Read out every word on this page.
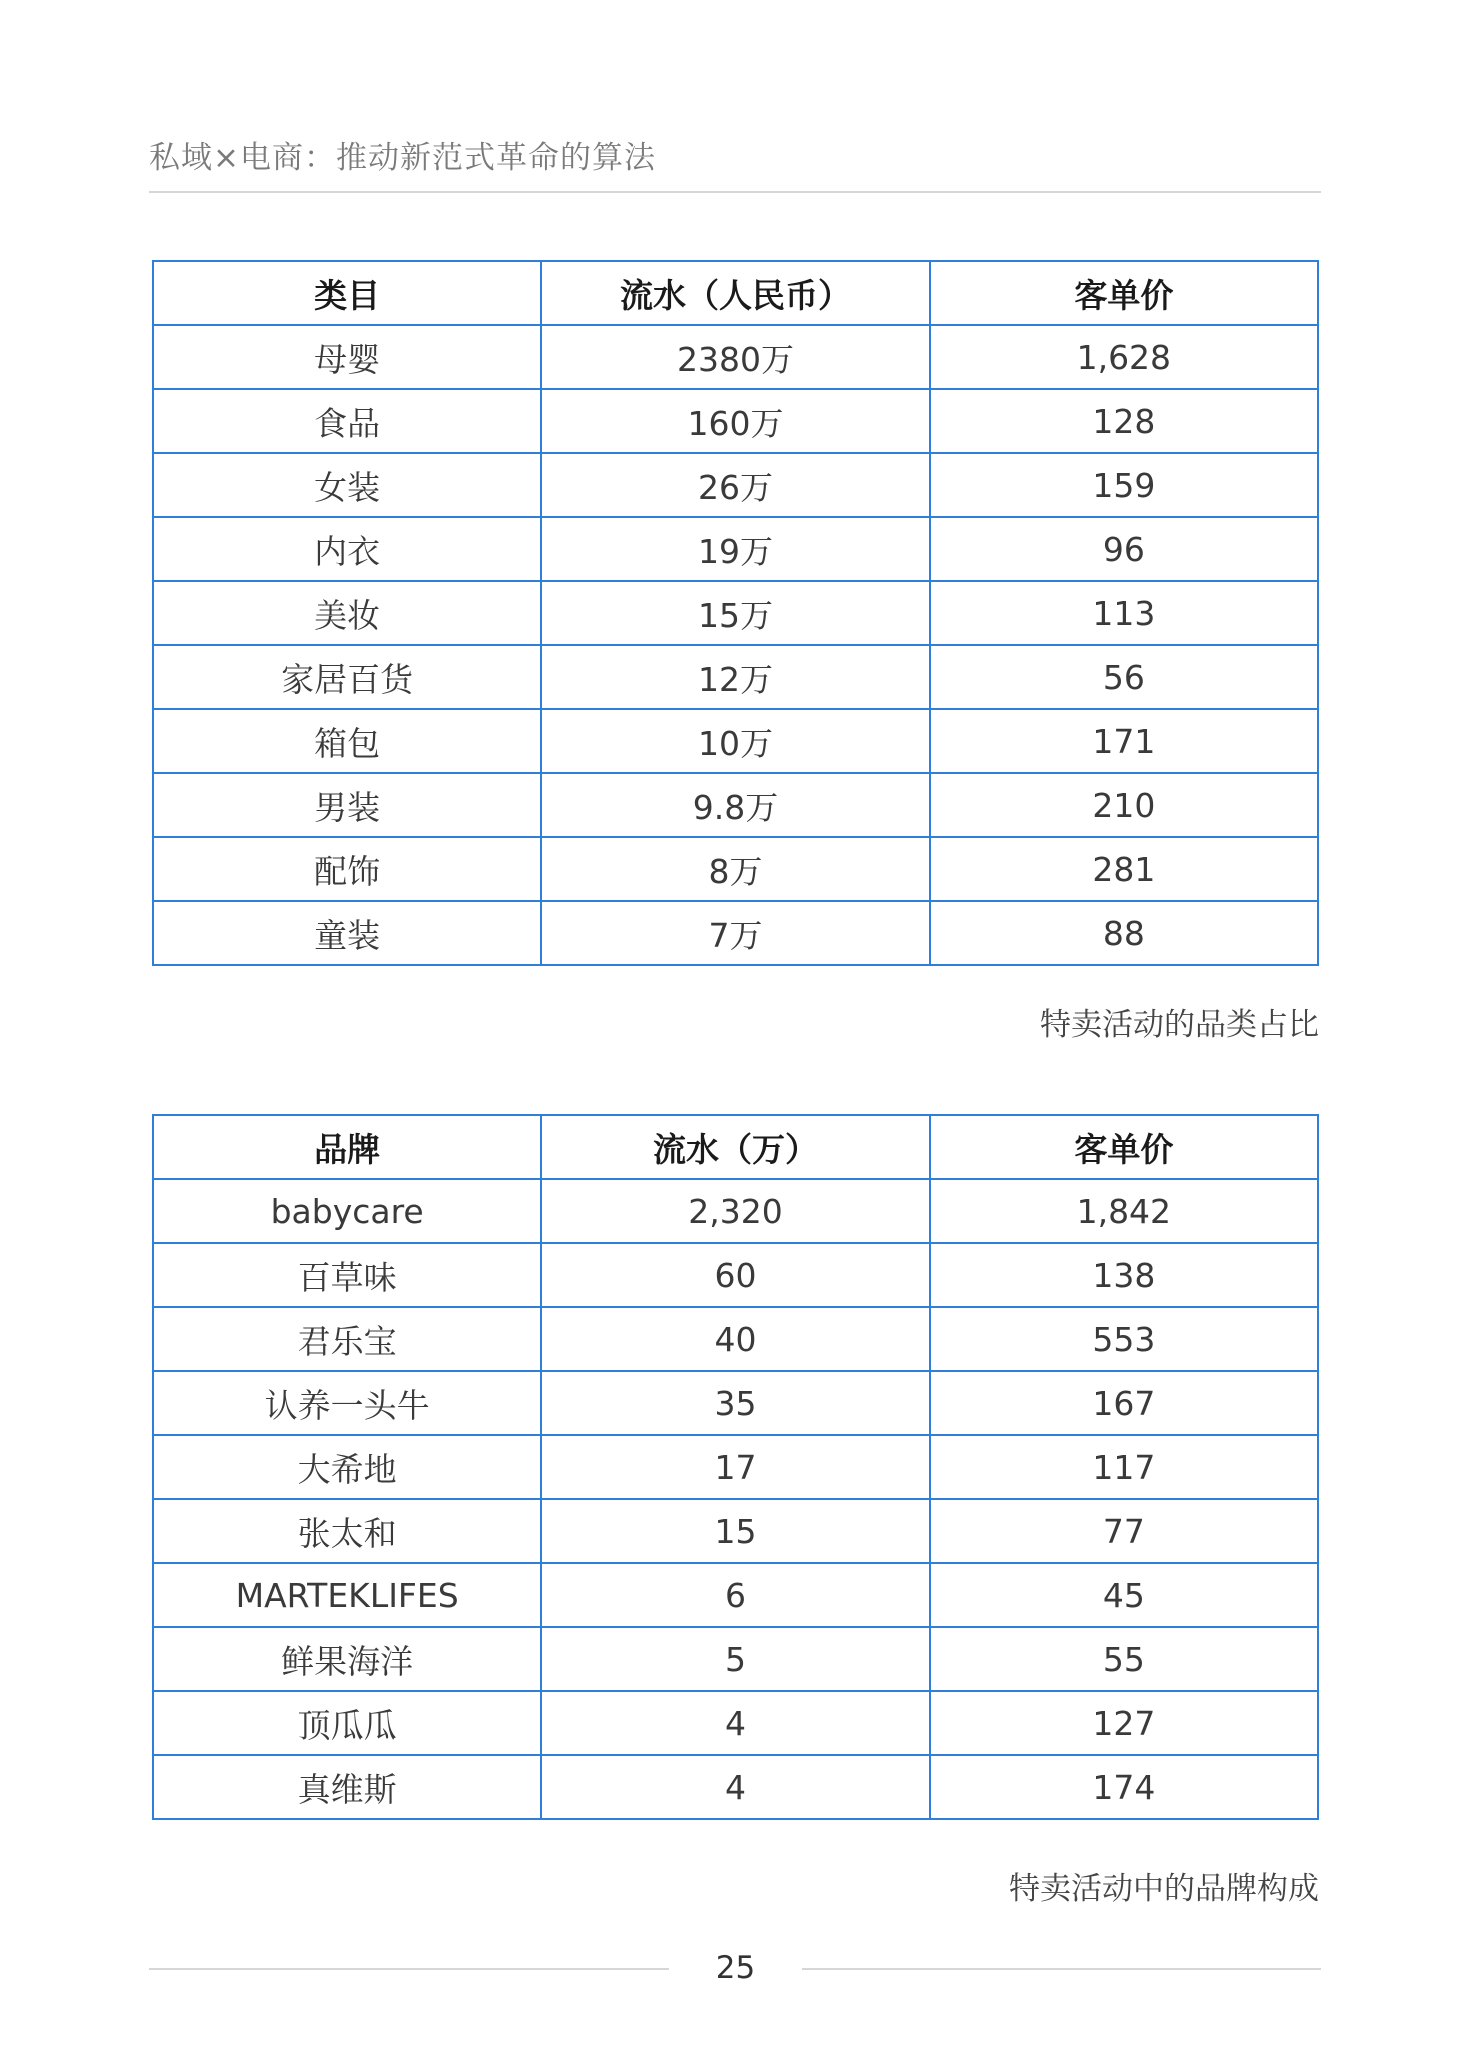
私域×电商：推动新范式革命的算法
类目	流水（人民币）	客单价
母婴	2380万	1,628
食品	160万	128
女装	26万	159
内衣	19万	96
美妆	15万	113
家居百货	12万	56
箱包	10万	171
男装	9.8万	210
配饰	8万	281
童装	7万	88
特卖活动的品类占比
品牌	流水（万）	客单价
babycare	2,320	1,842
百草味	60	138
君乐宝	40	553
认养一头牛	35	167
大希地	17	117
张太和	15	77
MARTEKLIFES	6	45
鲜果海洋	5	55
顶瓜瓜	4	127
真维斯	4	174
特卖活动中的品牌构成
25
